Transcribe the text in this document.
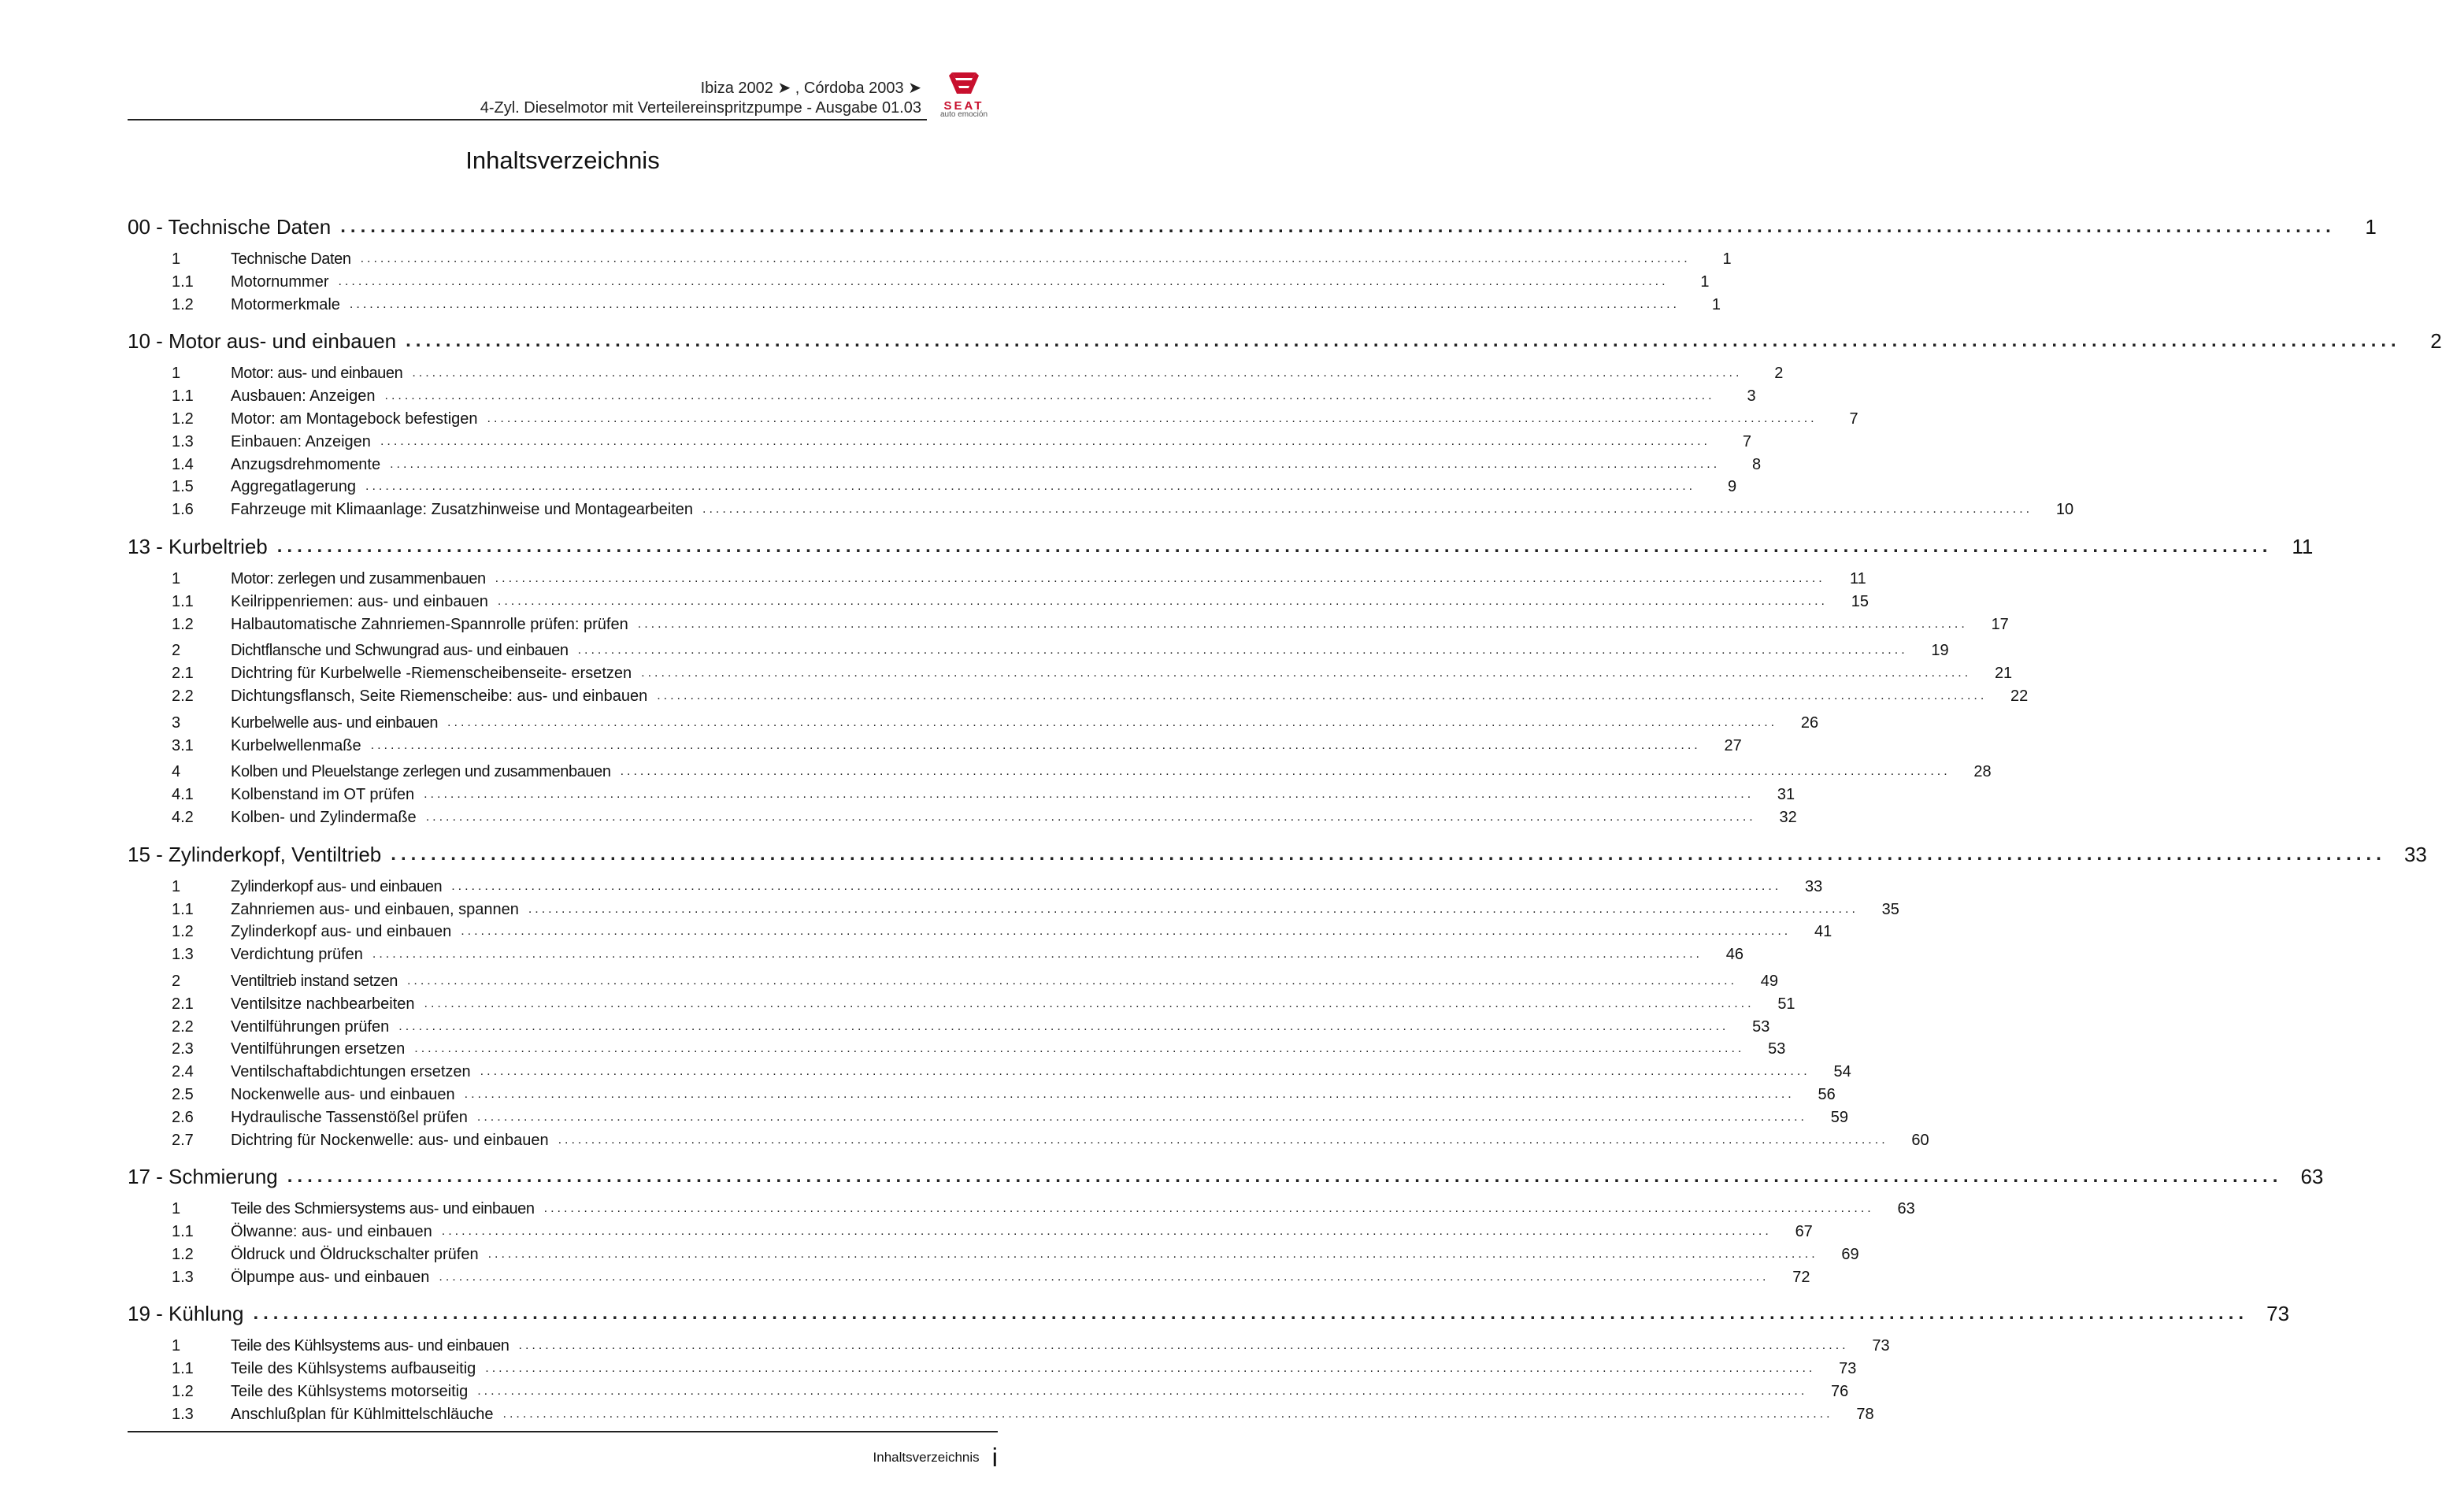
Ibiza 2002 ➤ , Córdoba 2003 ➤
4-Zyl. Dieselmotor mit Verteilereinspritzpumpe - Ausgabe 01.03	SEAT
auto emoción
Inhaltsverzeichnis
00 - Technische Daten ........................................................................................................................................................................................................	1
1	Technische Daten ........................................................................................................................................................................................................	1
1.1	Motornummer ........................................................................................................................................................................................................	1
1.2	Motormerkmale ........................................................................................................................................................................................................	1
10 - Motor aus- und einbauen ........................................................................................................................................................................................................	2
1	Motor: aus- und einbauen ........................................................................................................................................................................................................	2
1.1	Ausbauen: Anzeigen ........................................................................................................................................................................................................	3
1.2	Motor: am Montagebock befestigen ........................................................................................................................................................................................................	7
1.3	Einbauen: Anzeigen ........................................................................................................................................................................................................	7
1.4	Anzugsdrehmomente ........................................................................................................................................................................................................	8
1.5	Aggregatlagerung ........................................................................................................................................................................................................	9
1.6	Fahrzeuge mit Klimaanlage: Zusatzhinweise und Montagearbeiten ........................................................................................................................................................................................................	10
13 - Kurbeltrieb ........................................................................................................................................................................................................ 11
1	Motor: zerlegen und zusammenbauen ........................................................................................................................................................................................................	11
1.1	Keilrippenriemen: aus- und einbauen ........................................................................................................................................................................................................	15
1.2	Halbautomatische Zahnriemen-Spannrolle prüfen: prüfen ........................................................................................................................................................................................................	17
2	Dichtflansche und Schwungrad aus- und einbauen ........................................................................................................................................................................................................	19
2.1	Dichtring für Kurbelwelle -Riemenscheibenseite- ersetzen ........................................................................................................................................................................................................	21
2.2	Dichtungsflansch, Seite Riemenscheibe: aus- und einbauen ........................................................................................................................................................................................................	22
3	Kurbelwelle aus- und einbauen ........................................................................................................................................................................................................	26
3.1	Kurbelwellenmaße ........................................................................................................................................................................................................	27
4	Kolben und Pleuelstange zerlegen und zusammenbauen ........................................................................................................................................................................................................	28
4.1	Kolbenstand im OT prüfen ........................................................................................................................................................................................................	31
4.2	Kolben- und Zylindermaße ........................................................................................................................................................................................................	32
15 - Zylinderkopf, Ventiltrieb ........................................................................................................................................................................................................ 33
1	Zylinderkopf aus- und einbauen ........................................................................................................................................................................................................	33
1.1	Zahnriemen aus- und einbauen, spannen ........................................................................................................................................................................................................	35
1.2	Zylinderkopf aus- und einbauen ........................................................................................................................................................................................................	41
1.3	Verdichtung prüfen ........................................................................................................................................................................................................	46
2	Ventiltrieb instand setzen ........................................................................................................................................................................................................	49
2.1	Ventilsitze nachbearbeiten ........................................................................................................................................................................................................	51
2.2	Ventilführungen prüfen ........................................................................................................................................................................................................	53
2.3	Ventilführungen ersetzen ........................................................................................................................................................................................................	53
2.4	Ventilschaftabdichtungen ersetzen ........................................................................................................................................................................................................	54
2.5	Nockenwelle aus- und einbauen ........................................................................................................................................................................................................	56
2.6	Hydraulische Tassenstößel prüfen ........................................................................................................................................................................................................	59
2.7	Dichtring für Nockenwelle: aus- und einbauen ........................................................................................................................................................................................................	60
17 - Schmierung ........................................................................................................................................................................................................ 63
1	Teile des Schmiersystems aus- und einbauen ........................................................................................................................................................................................................	63
1.1	Ölwanne: aus- und einbauen ........................................................................................................................................................................................................	67
1.2	Öldruck und Öldruckschalter prüfen ........................................................................................................................................................................................................	69
1.3	Ölpumpe aus- und einbauen ........................................................................................................................................................................................................	72
19 - Kühlung ........................................................................................................................................................................................................ 73
1	Teile des Kühlsystems aus- und einbauen ........................................................................................................................................................................................................	73
1.1	Teile des Kühlsystems aufbauseitig ........................................................................................................................................................................................................	73
1.2	Teile des Kühlsystems motorseitig ........................................................................................................................................................................................................	76
1.3	Anschlußplan für Kühlmittelschläuche ........................................................................................................................................................................................................	78
Inhaltsverzeichnis i
